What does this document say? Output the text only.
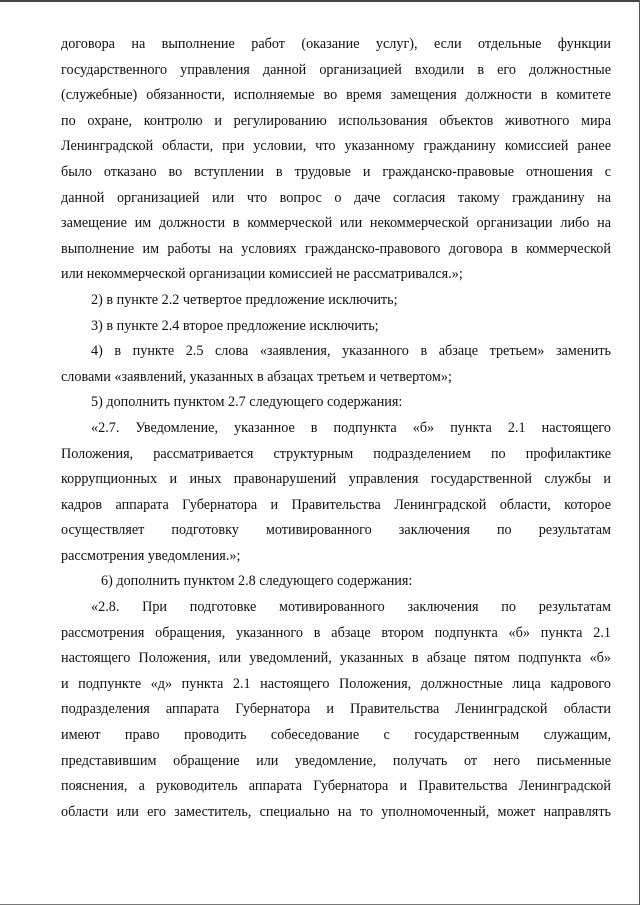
договора на выполнение работ (оказание услуг), если отдельные функции
государственного управления данной организацией входили в его должностные
(служебные) обязанности, исполняемые во время замещения должности в комитете
по охране, контролю и регулированию использования объектов животного мира
Ленинградской области, при условии, что указанному гражданину комиссией ранее
было отказано во вступлении в трудовые и гражданско-правовые отношения с
данной организацией или что вопрос о даче согласия такому гражданину на
замещение им должности в коммерческой или некоммерческой организации либо на
выполнение им работы на условиях гражданско-правового договора в коммерческой
или некоммерческой организации комиссией не рассматривался.»;
2) в пункте 2.2 четвертое предложение исключить;
3) в пункте 2.4 второе предложение исключить;
4) в пункте 2.5 слова «заявления, указанного в абзаце третьем» заменить
словами «заявлений, указанных в абзацах третьем и четвертом»;
5) дополнить пунктом 2.7 следующего содержания:
«2.7. Уведомление, указанное в подпункта «б» пункта 2.1 настоящего
Положения, рассматривается структурным подразделением по профилактике
коррупционных и иных правонарушений управления государственной службы и
кадров аппарата Губернатора и Правительства Ленинградской области, которое
осуществляет подготовку мотивированного заключения по результатам
рассмотрения уведомления.»;
6) дополнить пунктом 2.8 следующего содержания:
«2.8. При подготовке мотивированного заключения по результатам
рассмотрения обращения, указанного в абзаце втором подпункта «б» пункта 2.1
настоящего Положения, или уведомлений, указанных в абзаце пятом подпункта «б»
и подпункте «д» пункта 2.1 настоящего Положения, должностные лица кадрового
подразделения аппарата Губернатора и Правительства Ленинградской области
имеют право проводить собеседование с государственным служащим,
представившим обращение или уведомление, получать от него письменные
пояснения, а руководитель аппарата Губернатора и Правительства Ленинградской
области или его заместитель, специально на то уполномоченный, может направлять
